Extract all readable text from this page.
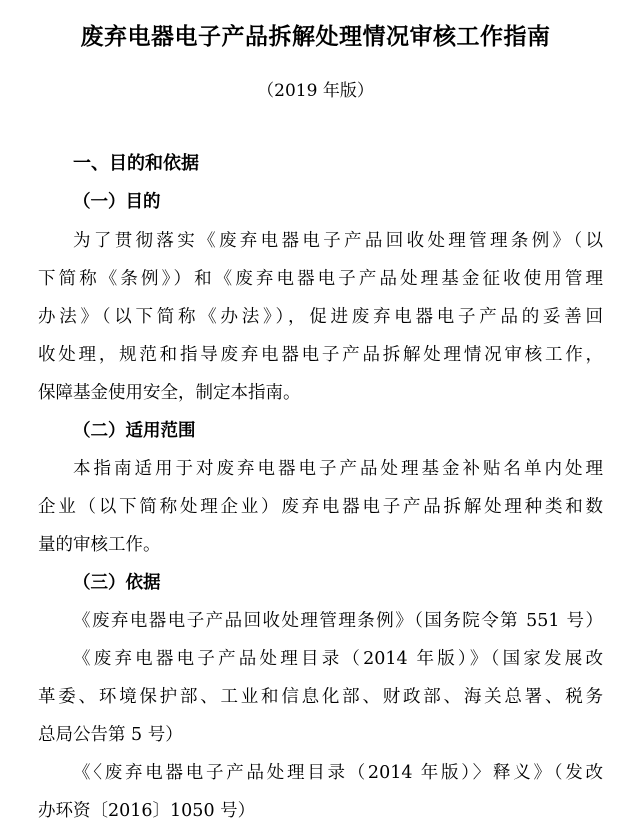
废弃电器电子产品拆解处理情况审核工作指南
（2019 年版）
一、目的和依据
（一）目的
为了贯彻落实《废弃电器电子产品回收处理管理条例》（以
下简称《条例》）和《废弃电器电子产品处理基金征收使用管理
办法》（以下简称《办法》），促进废弃电器电子产品的妥善回
收处理，规范和指导废弃电器电子产品拆解处理情况审核工作，
保障基金使用安全，制定本指南。
（二）适用范围
本指南适用于对废弃电器电子产品处理基金补贴名单内处理
企业（以下简称处理企业）废弃电器电子产品拆解处理种类和数
量的审核工作。
（三）依据
《废弃电器电子产品回收处理管理条例》（国务院令第 551 号）
《废弃电器电子产品处理目录（2014 年版）》（国家发展改
革委、环境保护部、工业和信息化部、财政部、海关总署、税务
总局公告第 5 号）
《〈废弃电器电子产品处理目录（2014 年版）〉释义》（发改
办环资〔2016〕1050 号）
